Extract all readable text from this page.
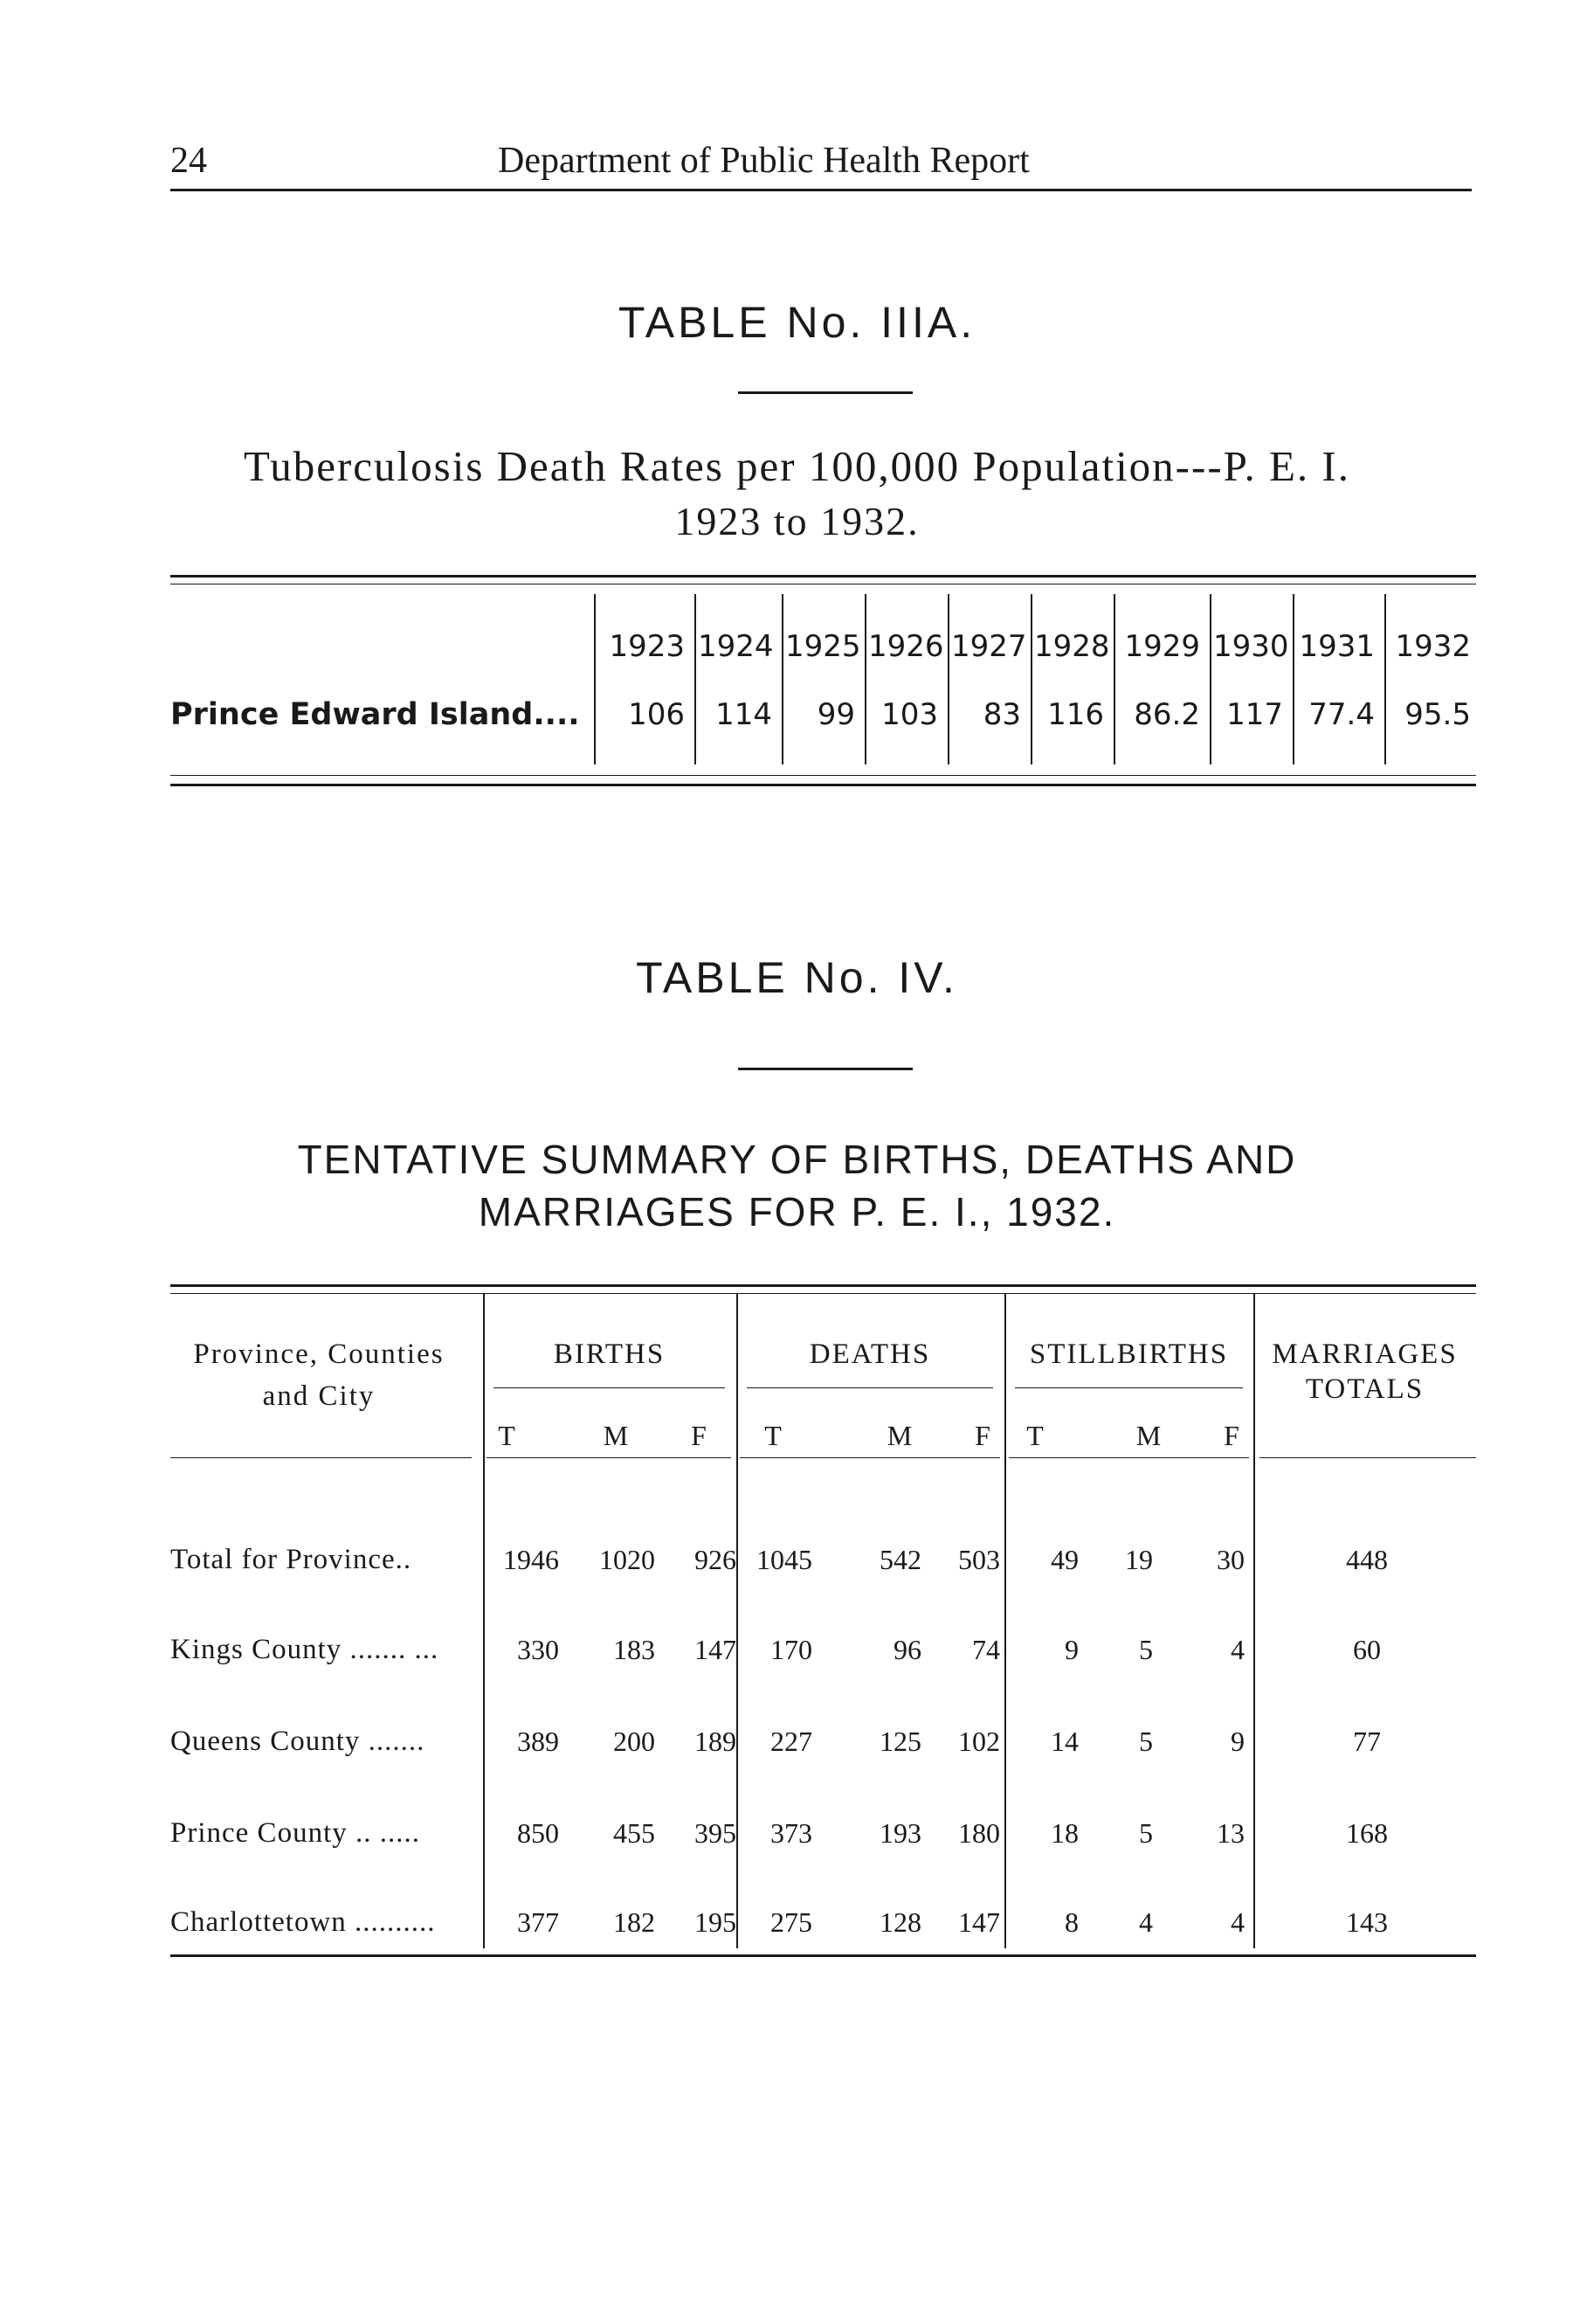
24	Department of Public Health Report
TABLE No. IIIA.
Tuberculosis Death Rates per 100,000 Population---P. E. I.
1923 to 1932.
Prince Edward Island....
1923 1924 1925 1926 1927 1928 1929 1930 1931 1932
106	114	99 103	83 116	86.2 117 77.4	95.5
TABLE No. IV.
TENTATIVE SUMMARY OF BIRTHS, DEATHS AND
MARRIAGES FOR P. E. I., 1932.
Province, Counties
and City
MARRIAGES
TOTALS
BIRTHS	DEATHS	STILLBIRTHS
T	M	F	T	M	F	T	M	F
Total for Province..	1946	1020	926 1045	542	503	49	19	30	448
Kings County ....... ...	330	183	147	170	96	74	9	5	4	60
Queens County .......	389	200	189	227	125	102	14	5	9	77
Prince County .. .....	850	455	395	373	193	180	18	5	13	168
Charlottetown ..........	377	182	195	275	128	147	8	4	4	143
